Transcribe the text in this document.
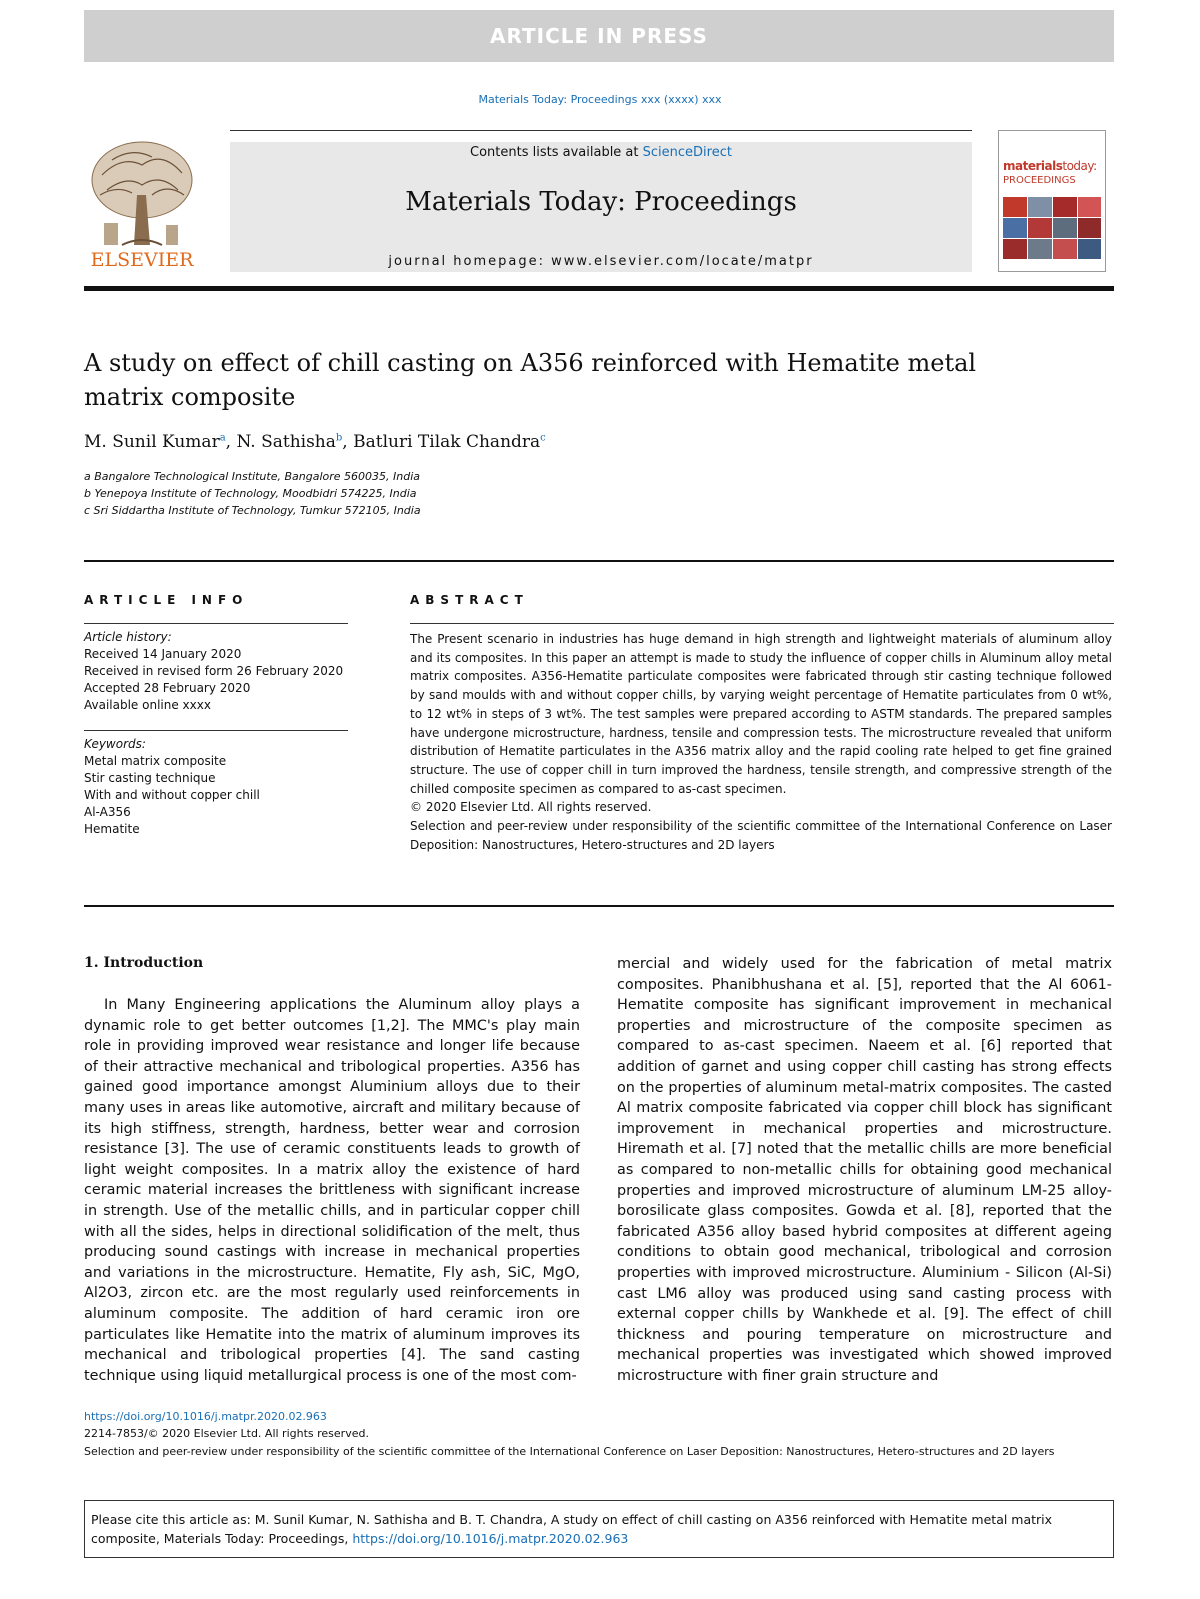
ARTICLE IN PRESS
Materials Today: Proceedings xxx (xxxx) xxx
ELSEVIER
Contents lists available at ScienceDirect
Materials Today: Proceedings
journal homepage: www.elsevier.com/locate/matpr
materialstoday:
PROCEEDINGS
A study on effect of chill casting on A356 reinforced with Hematite metal matrix composite
M. Sunil Kumar$^a$, N. Sathisha$^b$, Batluri Tilak Chandra$^c$
a Bangalore Technological Institute, Bangalore 560035, India
b Yenepoya Institute of Technology, Moodbidri 574225, India
c Sri Siddartha Institute of Technology, Tumkur 572105, India
ARTICLE INFO	ABSTRACT
Article history:
Received 14 January 2020
Received in revised form 26 February 2020
Accepted 28 February 2020
Available online xxxx
Keywords:
Metal matrix composite
Stir casting technique
With and without copper chill
Al-A356
Hematite

The Present scenario in industries has huge demand in high strength and lightweight materials of aluminum alloy and its composites. In this paper an attempt is made to study the influence of copper chills in Aluminum alloy metal matrix composites. A356-Hematite particulate composites were fabricated through stir casting technique followed by sand moulds with and without copper chills, by varying weight percentage of Hematite particulates from 0 wt%, to 12 wt% in steps of 3 wt%. The test samples were prepared according to ASTM standards. The prepared samples have undergone microstructure, hardness, tensile and compression tests. The microstructure revealed that uniform distribution of Hematite particulates in the A356 matrix alloy and the rapid cooling rate helped to get fine grained structure. The use of copper chill in turn improved the hardness, tensile strength, and compressive strength of the chilled composite specimen as compared to as-cast specimen.

© 2020 Elsevier Ltd. All rights reserved.

Selection and peer-review under responsibility of the scientific committee of the International Conference on Laser Deposition: Nanostructures, Hetero-structures and 2D layers

1. Introduction
In Many Engineering applications the Aluminum alloy plays a dynamic role to get better outcomes [1,2]. The MMC's play main role in providing improved wear resistance and longer life because of their attractive mechanical and tribological properties. A356 has gained good importance amongst Aluminium alloys due to their many uses in areas like automotive, aircraft and military because of its high stiffness, strength, hardness, better wear and corrosion resistance [3]. The use of ceramic constituents leads to growth of light weight composites. In a matrix alloy the existence of hard ceramic material increases the brittleness with significant increase in strength. Use of the metallic chills, and in particular copper chill with all the sides, helps in directional solidification of the melt, thus producing sound castings with increase in mechanical properties and variations in the microstructure. Hematite, Fly ash, SiC, MgO, Al2O3, zircon etc. are the most regularly used reinforcements in aluminum composite. The addition of hard ceramic iron ore particulates like Hematite into the matrix of aluminum improves its mechanical and tribological properties [4]. The sand casting technique using liquid metallurgical process is one of the most com-
mercial and widely used for the fabrication of metal matrix composites. Phanibhushana et al. [5], reported that the Al 6061-Hematite composite has significant improvement in mechanical properties and microstructure of the composite specimen as compared to as-cast specimen. Naeem et al. [6] reported that addition of garnet and using copper chill casting has strong effects on the properties of aluminum metal-matrix composites. The casted Al matrix composite fabricated via copper chill block has significant improvement in mechanical properties and microstructure. Hiremath et al. [7] noted that the metallic chills are more beneficial as compared to non-metallic chills for obtaining good mechanical properties and improved microstructure of aluminum LM-25 alloy-borosilicate glass composites. Gowda et al. [8], reported that the fabricated A356 alloy based hybrid composites at different ageing conditions to obtain good mechanical, tribological and corrosion properties with improved microstructure. Aluminium - Silicon (Al-Si) cast LM6 alloy was produced using sand casting process with external copper chills by Wankhede et al. [9]. The effect of chill thickness and pouring temperature on microstructure and mechanical properties was investigated which showed improved microstructure with finer grain structure and
https://doi.org/10.1016/j.matpr.2020.02.963
2214-7853/© 2020 Elsevier Ltd. All rights reserved.
Selection and peer-review under responsibility of the scientific committee of the International Conference on Laser Deposition: Nanostructures, Hetero-structures and 2D layers
Please cite this article as: M. Sunil Kumar, N. Sathisha and B. T. Chandra, A study on effect of chill casting on A356 reinforced with Hematite metal matrix composite, Materials Today: Proceedings, https://doi.org/10.1016/j.matpr.2020.02.963
